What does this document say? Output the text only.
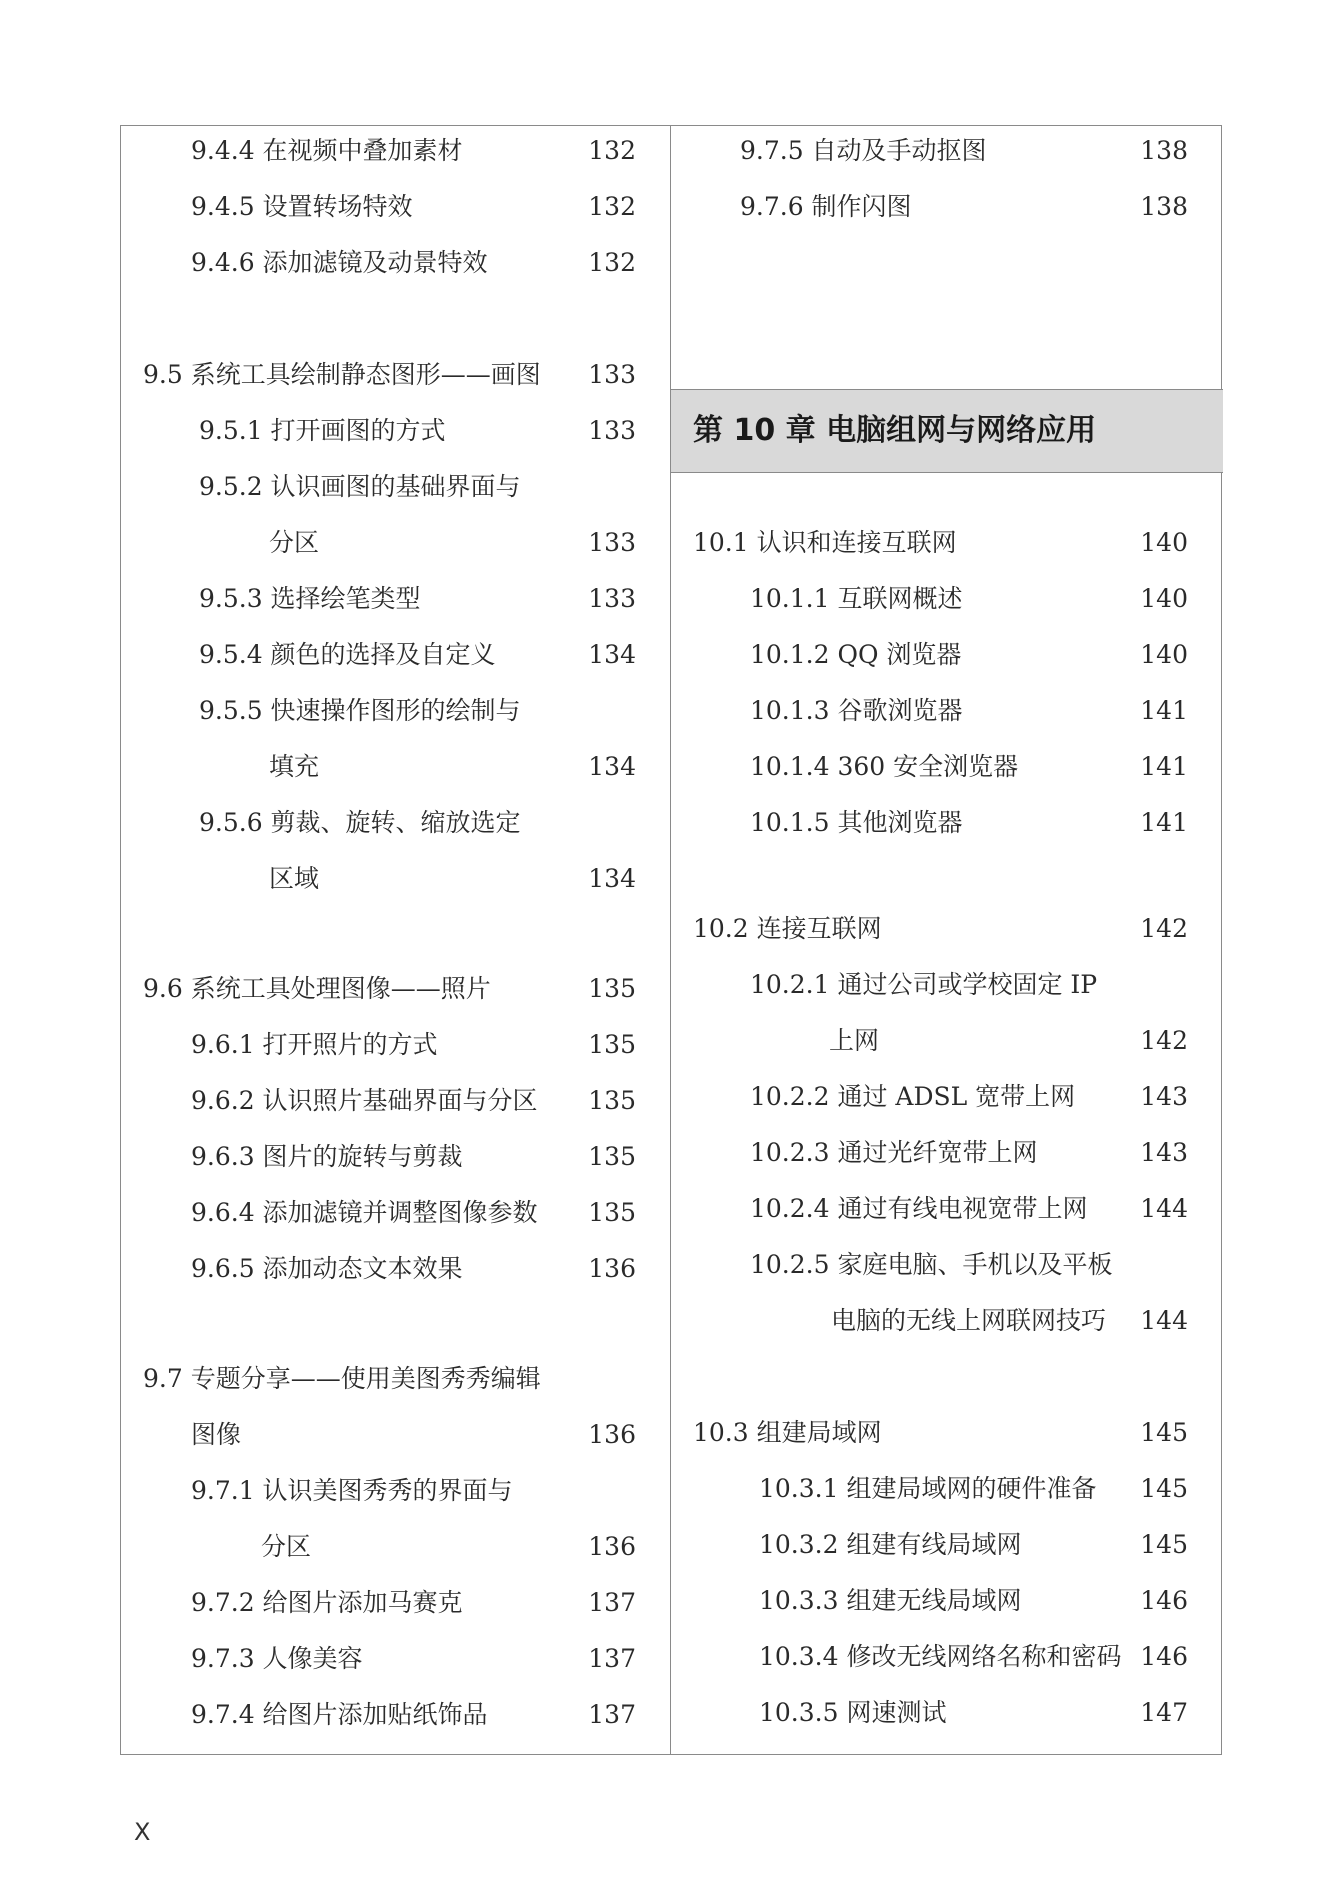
9.4.4 在视频中叠加素材	132
9.4.5 设置转场特效	132
9.4.6 添加滤镜及动景特效	132
9.5 系统工具绘制静态图形——画图 133
9.5.1 打开画图的方式	133
9.5.2 认识画图的基础界面与
分区	133
9.5.3 选择绘笔类型	133
9.5.4 颜色的选择及自定义	134
9.5.5 快速操作图形的绘制与
填充	134
9.5.6 剪裁、旋转、缩放选定
区域	134
9.6 系统工具处理图像——照片	135
9.6.1 打开照片的方式	135
9.6.2 认识照片基础界面与分区 135
9.6.3 图片的旋转与剪裁	135
9.6.4 添加滤镜并调整图像参数 135
9.6.5 添加动态文本效果	136
9.7 专题分享——使用美图秀秀编辑
图像	136
9.7.1 认识美图秀秀的界面与
分区	136
9.7.2 给图片添加马赛克	137
9.7.3 人像美容	137
9.7.4 给图片添加贴纸饰品	137
9.7.5 自动及手动抠图	138
9.7.6 制作闪图	138
第 10 章 电脑组网与网络应用
10.1 认识和连接互联网	140
10.1.1 互联网概述	140
10.1.2 QQ 浏览器	140
10.1.3 谷歌浏览器	141
10.1.4 360 安全浏览器	141
10.1.5 其他浏览器	141
10.2 连接互联网	142
10.2.1 通过公司或学校固定 IP
上网	142
10.2.2 通过 ADSL 宽带上网	143
10.2.3 通过光纤宽带上网	143
10.2.4 通过有线电视宽带上网 144
10.2.5 家庭电脑、手机以及平板
电脑的无线上网联网技巧 144
10.3 组建局域网	145
10.3.1 组建局域网的硬件准备 145
10.3.2 组建有线局域网	145
10.3.3 组建无线局域网	146
10.3.4 修改无线网络名称和密码 146
10.3.5 网速测试	147
X
